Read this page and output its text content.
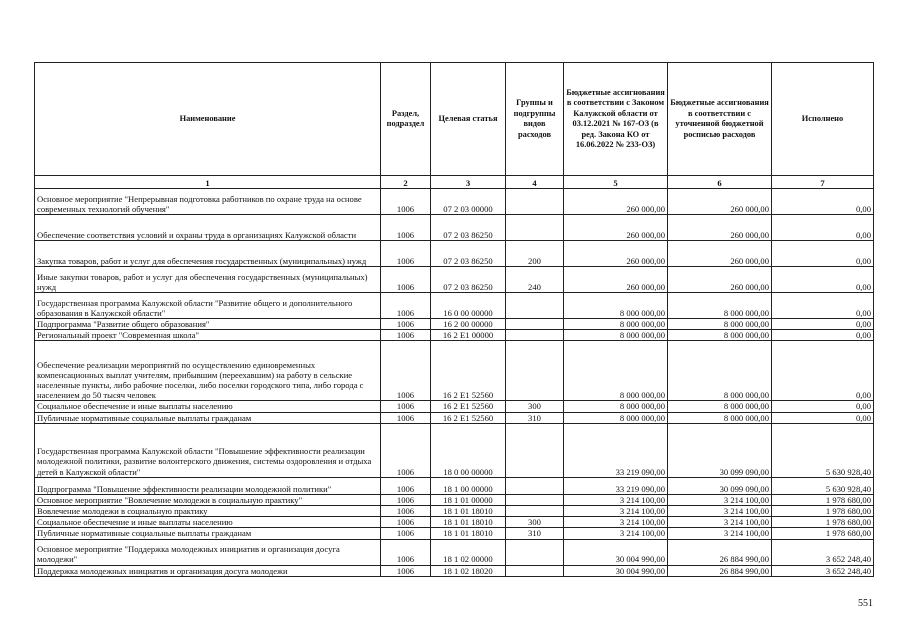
Наименование	Раздел, подраздел	Целевая статья	Группы и подгруппы видов расходов	Бюджетные ассигнования в соответствии с Законом Калужской области от 03.12.2021 № 167-ОЗ (в ред. Закона КО от 16.06.2022 № 233-ОЗ)	Бюджетные ассигнования в соответствии с уточненной бюджетной росписью расходов	Исполнено
1	2	3	4	5	6	7
Основное мероприятие "Непрерывная подготовка работников по охране труда на основе современных технологий обучения"	1006	07 2 03 00000		260 000,00	260 000,00	0,00
Обеспечение соответствия условий и охраны труда в организациях Калужской области	1006	07 2 03 86250		260 000,00	260 000,00	0,00
Закупка товаров, работ и услуг для обеспечения государственных (муниципальных) нужд	1006	07 2 03 86250	200	260 000,00	260 000,00	0,00
Иные закупки товаров, работ и услуг для обеспечения государственных (муниципальных) нужд	1006	07 2 03 86250	240	260 000,00	260 000,00	0,00
Государственная программа Калужской области "Развитие общего и дополнительного образования в Калужской области"	1006	16 0 00 00000		8 000 000,00	8 000 000,00	0,00
Подпрограмма "Развитие общего образования"	1006	16 2 00 00000		8 000 000,00	8 000 000,00	0,00
Региональный проект "Современная школа"	1006	16 2 E1 00000		8 000 000,00	8 000 000,00	0,00
Обеспечение реализации мероприятий по осуществлению единовременных компенсационных выплат учителям, прибывшим (переехавшим) на работу в сельские населенные пункты, либо рабочие поселки, либо поселки городского типа, либо города с населением до 50 тысяч человек	1006	16 2 E1 52560		8 000 000,00	8 000 000,00	0,00
Социальное обеспечение и иные выплаты населению	1006	16 2 E1 52560	300	8 000 000,00	8 000 000,00	0,00
Публичные нормативные социальные выплаты гражданам	1006	16 2 E1 52560	310	8 000 000,00	8 000 000,00	0,00
Государственная программа Калужской области "Повышение эффективности реализации молодежной политики, развитие волонтерского движения, системы оздоровления и отдыха детей в Калужской области"	1006	18 0 00 00000		33 219 090,00	30 099 090,00	5 630 928,40
Подпрограмма "Повышение эффективности реализации молодежной политики"	1006	18 1 00 00000		33 219 090,00	30 099 090,00	5 630 928,40
Основное мероприятие "Вовлечение молодежи в социальную практику"	1006	18 1 01 00000		3 214 100,00	3 214 100,00	1 978 680,00
Вовлечение молодежи в социальную практику	1006	18 1 01 18010		3 214 100,00	3 214 100,00	1 978 680,00
Социальное обеспечение и иные выплаты населению	1006	18 1 01 18010	300	3 214 100,00	3 214 100,00	1 978 680,00
Публичные нормативные социальные выплаты гражданам	1006	18 1 01 18010	310	3 214 100,00	3 214 100,00	1 978 680,00
Основное мероприятие "Поддержка молодежных инициатив и организация досуга молодежи"	1006	18 1 02 00000		30 004 990,00	26 884 990,00	3 652 248,40
Поддержка молодежных инициатив и организация досуга молодежи	1006	18 1 02 18020		30 004 990,00	26 884 990,00	3 652 248,40
551
